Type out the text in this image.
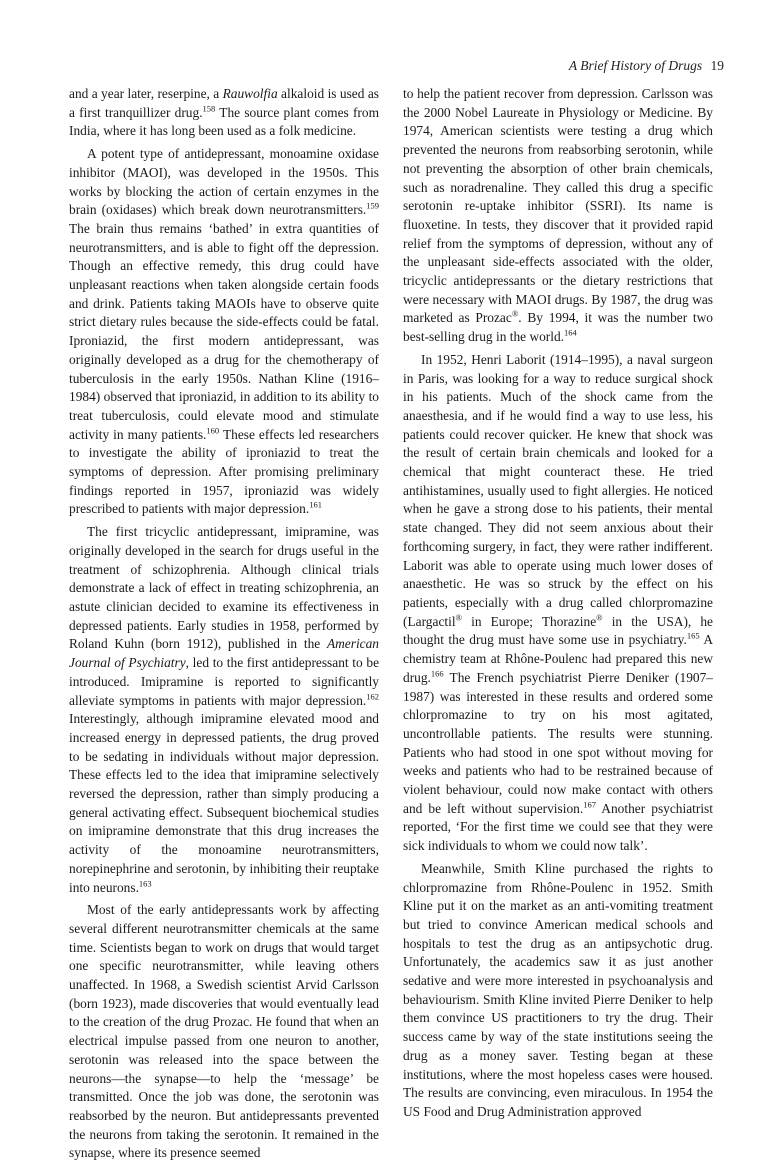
A Brief History of Drugs 19

and a year later, reserpine, a Rauwolfia alkaloid is used as a first tranquillizer drug.$^{158}$ The source plant comes from India, where it has long been used as a folk medicine.

A potent type of antidepressant, monoamine oxidase inhibitor (MAOI), was developed in the 1950s. This works by blocking the action of certain enzymes in the brain (oxidases) which break down neurotransmitters.$^{159}$ The brain thus remains ‘bathed’ in extra quantities of neurotransmitters, and is able to fight off the depression. Though an effective remedy, this drug could have unpleasant reactions when taken alongside certain foods and drink. Patients taking MAOIs have to observe quite strict dietary rules because the side-effects could be fatal. Iproniazid, the first modern antidepressant, was originally developed as a drug for the chemotherapy of tuberculosis in the early 1950s. Nathan Kline (1916–1984) observed that iproniazid, in addition to its ability to treat tuberculosis, could elevate mood and stimulate activity in many patients.$^{160}$ These effects led researchers to investigate the ability of iproniazid to treat the symptoms of depression. After promising preliminary findings reported in 1957, iproniazid was widely prescribed to patients with major depression.$^{161}$

The first tricyclic antidepressant, imipramine, was originally developed in the search for drugs useful in the treatment of schizophrenia. Although clinical trials demonstrate a lack of effect in treating schizophrenia, an astute clinician decided to examine its effectiveness in depressed patients. Early studies in 1958, performed by Roland Kuhn (born 1912), published in the American Journal of Psychiatry, led to the first antidepressant to be introduced. Imipramine is reported to significantly alleviate symptoms in patients with major depression.$^{162}$ Interestingly, although imipramine elevated mood and increased energy in depressed patients, the drug proved to be sedating in individuals without major depression. These effects led to the idea that imipramine selectively reversed the depression, rather than simply producing a general activating effect. Subsequent biochemical studies on imipramine demonstrate that this drug increases the activity of the monoamine neurotransmitters, norepinephrine and serotonin, by inhibiting their reuptake into neurons.$^{163}$

Most of the early antidepressants work by affecting several different neurotransmitter chemicals at the same time. Scientists began to work on drugs that would target one specific neurotransmitter, while leaving others unaffected. In 1968, a Swedish scientist Arvid Carlsson (born 1923), made discoveries that would eventually lead to the creation of the drug Prozac. He found that when an electrical impulse passed from one neuron to another, serotonin was released into the space between the neurons—the synapse—to help the ‘message’ be transmitted. Once the job was done, the serotonin was reabsorbed by the neuron. But antidepressants prevented the neurons from taking the serotonin. It remained in the synapse, where its presence seemed

to help the patient recover from depression. Carlsson was the 2000 Nobel Laureate in Physiology or Medicine. By 1974, American scientists were testing a drug which prevented the neurons from reabsorbing serotonin, while not preventing the absorption of other brain chemicals, such as noradrenaline. They called this drug a specific serotonin re-uptake inhibitor (SSRI). Its name is fluoxetine. In tests, they discover that it provided rapid relief from the symptoms of depression, without any of the unpleasant side-effects associated with the older, tricyclic antidepressants or the dietary restrictions that were necessary with MAOI drugs. By 1987, the drug was marketed as Prozac®. By 1994, it was the number two best-selling drug in the world.$^{164}$

In 1952, Henri Laborit (1914–1995), a naval surgeon in Paris, was looking for a way to reduce surgical shock in his patients. Much of the shock came from the anaesthesia, and if he would find a way to use less, his patients could recover quicker. He knew that shock was the result of certain brain chemicals and looked for a chemical that might counteract these. He tried antihistamines, usually used to fight allergies. He noticed when he gave a strong dose to his patients, their mental state changed. They did not seem anxious about their forthcoming surgery, in fact, they were rather indifferent. Laborit was able to operate using much lower doses of anaesthetic. He was so struck by the effect on his patients, especially with a drug called chlorpromazine (Largactil® in Europe; Thorazine® in the USA), he thought the drug must have some use in psychiatry.$^{165}$ A chemistry team at Rhône-Poulenc had prepared this new drug.$^{166}$ The French psychiatrist Pierre Deniker (1907–1987) was interested in these results and ordered some chlorpromazine to try on his most agitated, uncontrollable patients. The results were stunning. Patients who had stood in one spot without moving for weeks and patients who had to be restrained because of violent behaviour, could now make contact with others and be left without supervision.$^{167}$ Another psychiatrist reported, ‘For the first time we could see that they were sick individuals to whom we could now talk’.

Meanwhile, Smith Kline purchased the rights to chlorpromazine from Rhône-Poulenc in 1952. Smith Kline put it on the market as an anti-vomiting treatment but tried to convince American medical schools and hospitals to test the drug as an antipsychotic drug. Unfortunately, the academics saw it as just another sedative and were more interested in psychoanalysis and behaviourism. Smith Kline invited Pierre Deniker to help them convince US practitioners to try the drug. Their success came by way of the state institutions seeing the drug as a money saver. Testing began at these institutions, where the most hopeless cases were housed. The results are convincing, even miraculous. In 1954 the US Food and Drug Administration approved
